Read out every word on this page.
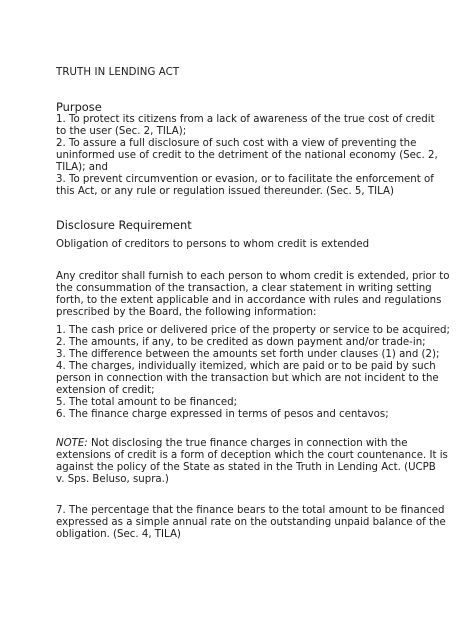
TRUTH IN LENDING ACT

Purpose

1. To protect its citizens from a lack of awareness of the true cost of credit

to the user (Sec. 2, TILA);

2. To assure a full disclosure of such cost with a view of preventing the

uninformed use of credit to the detriment of the national economy (Sec. 2,

TILA); and

3. To prevent circumvention or evasion, or to facilitate the enforcement of

this Act, or any rule or regulation issued thereunder. (Sec. 5, TILA)

Disclosure Requirement

Obligation of creditors to persons to whom credit is extended

Any creditor shall furnish to each person to whom credit is extended, prior to

the consummation of the transaction, a clear statement in writing setting

forth, to the extent applicable and in accordance with rules and regulations

prescribed by the Board, the following information:

1. The cash price or delivered price of the property or service to be acquired;

2. The amounts, if any, to be credited as down payment and/or trade-in;

3. The difference between the amounts set forth under clauses (1) and (2);

4. The charges, individually itemized, which are paid or to be paid by such

person in connection with the transaction but which are not incident to the

extension of credit;

5. The total amount to be financed;

6. The finance charge expressed in terms of pesos and centavos;

NOTE: Not disclosing the true finance charges in connection with the

extensions of credit is a form of deception which the court countenance. It is

against the policy of the State as stated in the Truth in Lending Act. (UCPB

v. Sps. Beluso, supra.)

7. The percentage that the finance bears to the total amount to be financed

expressed as a simple annual rate on the outstanding unpaid balance of the

obligation. (Sec. 4, TILA)
